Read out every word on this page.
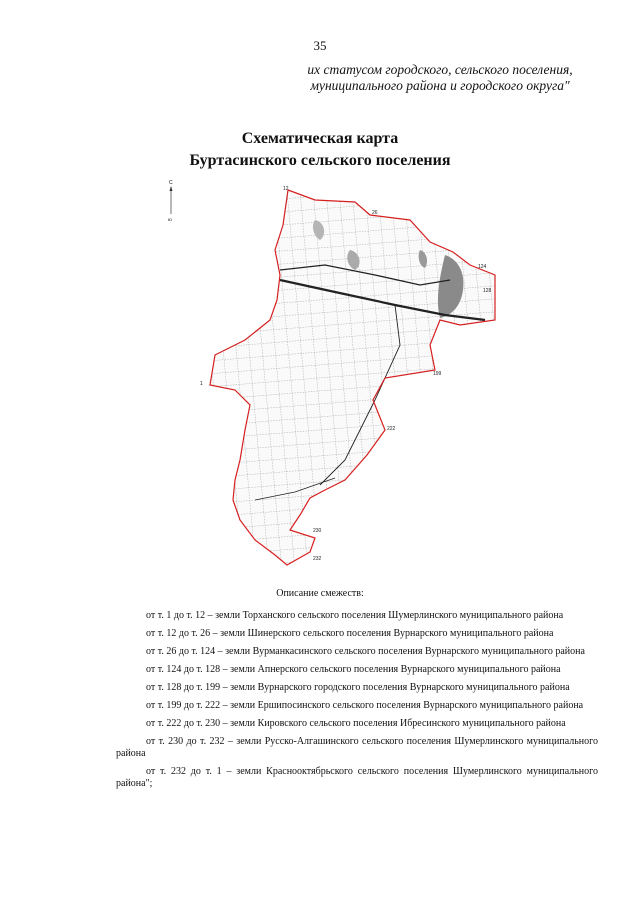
35
их статусом городского, сельского поселения,
муниципального района и городского округа"
Схематическая карта
Буртасинского сельского поселения
С
Ю
12
26
124
128
199
222
230
232
1
Описание смежеств:

от т. 1 до т. 12 – земли Торханского сельского поселения Шумерлинского муниципального района

от т. 12 до т. 26 – земли Шинерского сельского поселения Вурнарского муниципального района

от т. 26 до т. 124 – земли Вурманкасинского сельского поселения Вурнарского муниципального района

от т. 124 до т. 128 – земли Апнерского сельского поселения Вурнарского муниципального района

от т. 128 до т. 199 – земли Вурнарского городского поселения Вурнарского муниципального района

от т. 199 до т. 222 – земли Ершипосинского сельского поселения Вурнарского муниципального района

от т. 222 до т. 230 – земли Кировского сельского поселения Ибресинского муниципального района

от т. 230 до т. 232 – земли Русско-Алгашинского сельского поселения Шумерлинского муниципального района

от т. 232 до т. 1 – земли Краснооктябрьского сельского поселения Шумерлинского муниципального района";
